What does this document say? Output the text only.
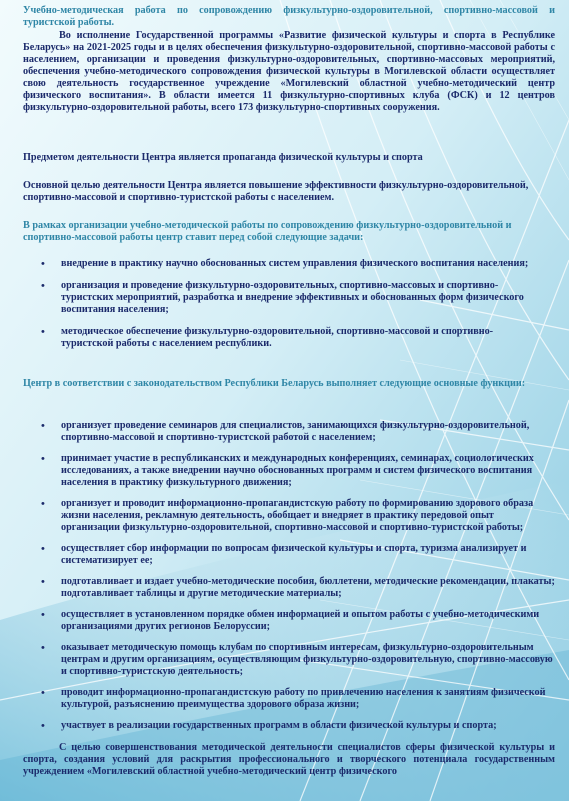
Учебно-методическая работа по сопровождению физкультурно-оздоровительной, спортивно-массовой и туристской работы.

Во исполнение Государственной программы «Развитие физической культуры и спорта в Республике Беларусь» на 2021-2025 годы и в целях обеспечения физкультурно-оздоровительной, спортивно-массовой работы с населением, организации и проведения физкультурно-оздоровительных, спортивно-массовых мероприятий, обеспечения учебно-методического сопровождения физической культуры в Могилевской области осуществляет свою деятельность государственное учреждение «Могилевский областной учебно-методический центр физического воспитания». В области имеется 11 физкультурно-спортивных клуба (ФСК) и 12 центров физкультурно-оздоровительной работы, всего 173 физкультурно-спортивных сооружения.

Предметом деятельности Центра является пропаганда физической культуры и спорта

Основной целью деятельности Центра является повышение эффективности физкультурно-оздоровительной, спортивно-массовой и спортивно-туристской работы с населением.

В рамках организации учебно-методической работы по сопровождению физкультурно-оздоровительной и спортивно-массовой работы центр ставит перед собой следующие задачи:

• внедрение в практику научно обоснованных систем управления физического воспитания населения;
• организация и проведение физкультурно-оздоровительных, спортивно-массовых и спортивно-туристских мероприятий, разработка и внедрение эффективных и обоснованных форм физического воспитания населения;
• методическое обеспечение физкультурно-оздоровительной, спортивно-массовой и спортивно-туристской работы с населением республики.

Центр в соответствии с законодательством Республики Беларусь выполняет следующие основные функции:

• организует проведение семинаров для специалистов, занимающихся физкультурно-оздоровительной, спортивно-массовой и спортивно-туристской работой с населением;
• принимает участие в республиканских и международных конференциях, семинарах, социологических исследованиях, а также внедрении научно обоснованных программ и систем физического воспитания населения в практику физкультурного движения;
• организует и проводит информационно-пропагандистскую работу по формированию здорового образа жизни населения, рекламную деятельность, обобщает и внедряет в практику передовой опыт организации физкультурно-оздоровительной, спортивно-массовой и спортивно-туристской работы;
• осуществляет сбор информации по вопросам физической культуры и спорта, туризма анализирует и систематизирует ее;
• подготавливает и издает учебно-методические пособия, бюллетени, методические рекомендации, плакаты; подготавливает таблицы и другие методические материалы;
• осуществляет в установленном порядке обмен информацией и опытом работы с учебно-методическими организациями других регионов Белоруссии;
• оказывает методическую помощь клубам по спортивным интересам, физкультурно-оздоровительным центрам и другим организациям, осуществляющим физкультурно-оздоровительную, спортивно-массовую и спортивно-туристскую деятельность;
• проводит информационно-пропагандистскую работу по привлечению населения к занятиям физической культурой, разъяснению преимущества здорового образа жизни;
• участвует в реализации государственных программ в области физической культуры и спорта;

С целью совершенствования методической деятельности специалистов сферы физической культуры и спорта, создания условий для раскрытия профессионального и творческого потенциала государственным учреждением «Могилевский областной учебно-методический центр физического
